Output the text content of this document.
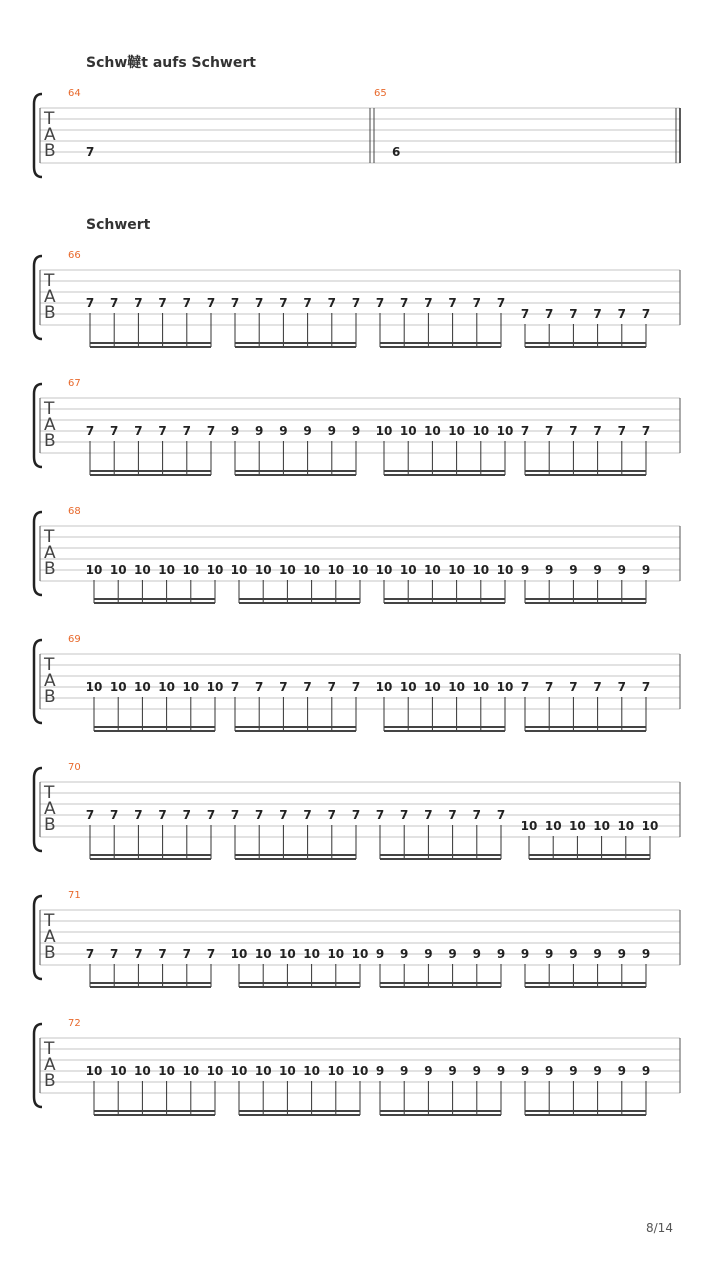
Schw韃t aufs Schwert
T
A
B
64
7
65
6
Schwert
T
A
B
66
7 7 7 7 7 7 7 7 7 7 7 7 7 7 7 7 7 7
7 7 7 7 7 7
T
A
B
67
7 7 7 7 7 7 9 9 9 9 9 9 10 10 10 10 10 10 7 7 7 7 7 7
T
A
B
68
10 10 10 10 10 10 10 10 10 10 10 10 10 10 10 10 10 10 9 9 9 9 9 9
T
A
B
69
10 10 10 10 10 10 7 7 7 7 7 7 10 10 10 10 10 10 7 7 7 7 7 7
T
A
B
70
7 7 7 7 7 7 7 7 7 7 7 7 7 7 7 7 7 7
10 10 10 10 10 10
T
A
B
71
7 7 7 7 7 7 10 10 10 10 10 10 9 9 9 9 9 9 9 9 9 9 9 9
T
A
B
72
10 10 10 10 10 10 10 10 10 10 10 10 9 9 9 9 9 9 9 9 9 9 9 9
8/14
